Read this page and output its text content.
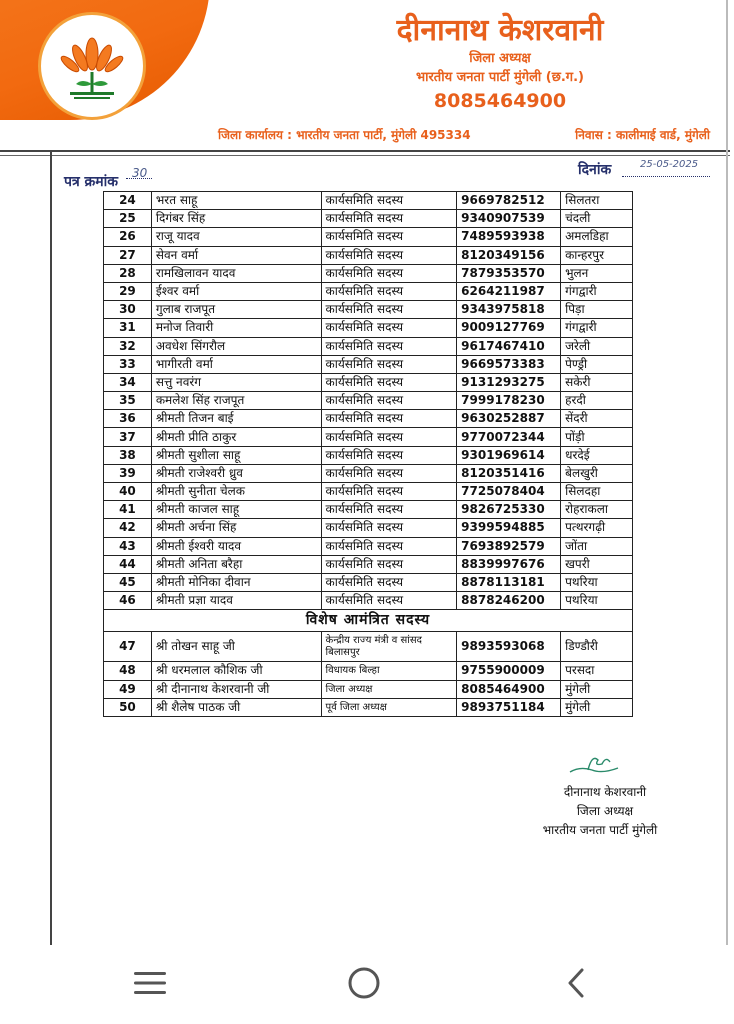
दीनानाथ केशरवानी
जिला अध्यक्ष
भारतीय जनता पार्टी मुंगेली (छ.ग.)
8085464900
जिला कार्यालय : भारतीय जनता पार्टी, मुंगेली 495334	निवास : कालीमाई वार्ड, मुंगेली
पत्र क्रमांक
30	दिनांक	25-05-2025
24	भरत साहू	कार्यसमिति सदस्य	9669782512	सिलतरा
25	दिगंबर सिंह	कार्यसमिति सदस्य	9340907539	चंदली
26	राजू यादव	कार्यसमिति सदस्य	7489593938	अमलडिहा
27	सेवन वर्मा	कार्यसमिति सदस्य	8120349156	कान्हरपुर
28	रामखिलावन यादव	कार्यसमिति सदस्य	7879353570	भुलन
29	ईश्वर वर्मा	कार्यसमिति सदस्य	6264211987	गंगद्वारी
30	गुलाब राजपूत	कार्यसमिति सदस्य	9343975818	पिड़ा
31	मनोज तिवारी	कार्यसमिति सदस्य	9009127769	गंगद्वारी
32	अवधेश सिंगरौल	कार्यसमिति सदस्य	9617467410	जरेली
33	भागीरती वर्मा	कार्यसमिति सदस्य	9669573383	पेण्ड्री
34	सत्तु नवरंग	कार्यसमिति सदस्य	9131293275	सकेरी
35	कमलेश सिंह राजपूत	कार्यसमिति सदस्य	7999178230	हरदी
36	श्रीमती तिजन बाई	कार्यसमिति सदस्य	9630252887	सेंदरी
37	श्रीमती प्रीति ठाकुर	कार्यसमिति सदस्य	9770072344	पोंड़ी
38	श्रीमती सुशीला साहू	कार्यसमिति सदस्य	9301969614	धरदेई
39	श्रीमती राजेश्वरी ध्रुव	कार्यसमिति सदस्य	8120351416	बेलखुरी
40	श्रीमती सुनीता चेलक	कार्यसमिति सदस्य	7725078404	सिलदहा
41	श्रीमती काजल साहू	कार्यसमिति सदस्य	9826725330	रोहराकला
42	श्रीमती अर्चना सिंह	कार्यसमिति सदस्य	9399594885	पत्थरगढ़ी
43	श्रीमती ईश्वरी यादव	कार्यसमिति सदस्य	7693892579	जोंता
44	श्रीमती अनिता बरैहा	कार्यसमिति सदस्य	8839997676	खपरी
45	श्रीमती मोनिका दीवान	कार्यसमिति सदस्य	8878113181	पथरिया
46	श्रीमती प्रज्ञा यादव	कार्यसमिति सदस्य	8878246200	पथरिया
विशेष आमंत्रित सदस्य				
47	श्री तोखन साहू जी	केन्द्रीय राज्य मंत्री व सांसद बिलासपुर	9893593068	डिण्डौरी
48	श्री धरमलाल कौशिक जी	विधायक बिल्हा	9755900009	परसदा
49	श्री दीनानाथ केशरवानी जी	जिला अध्यक्ष	8085464900	मुंगेली
50	श्री शैलेष पाठक जी	पूर्व जिला अध्यक्ष	9893751184	मुंगेली
दीनानाथ केशरवानी
जिला अध्यक्ष
भारतीय जनता पार्टी मुंगेली
